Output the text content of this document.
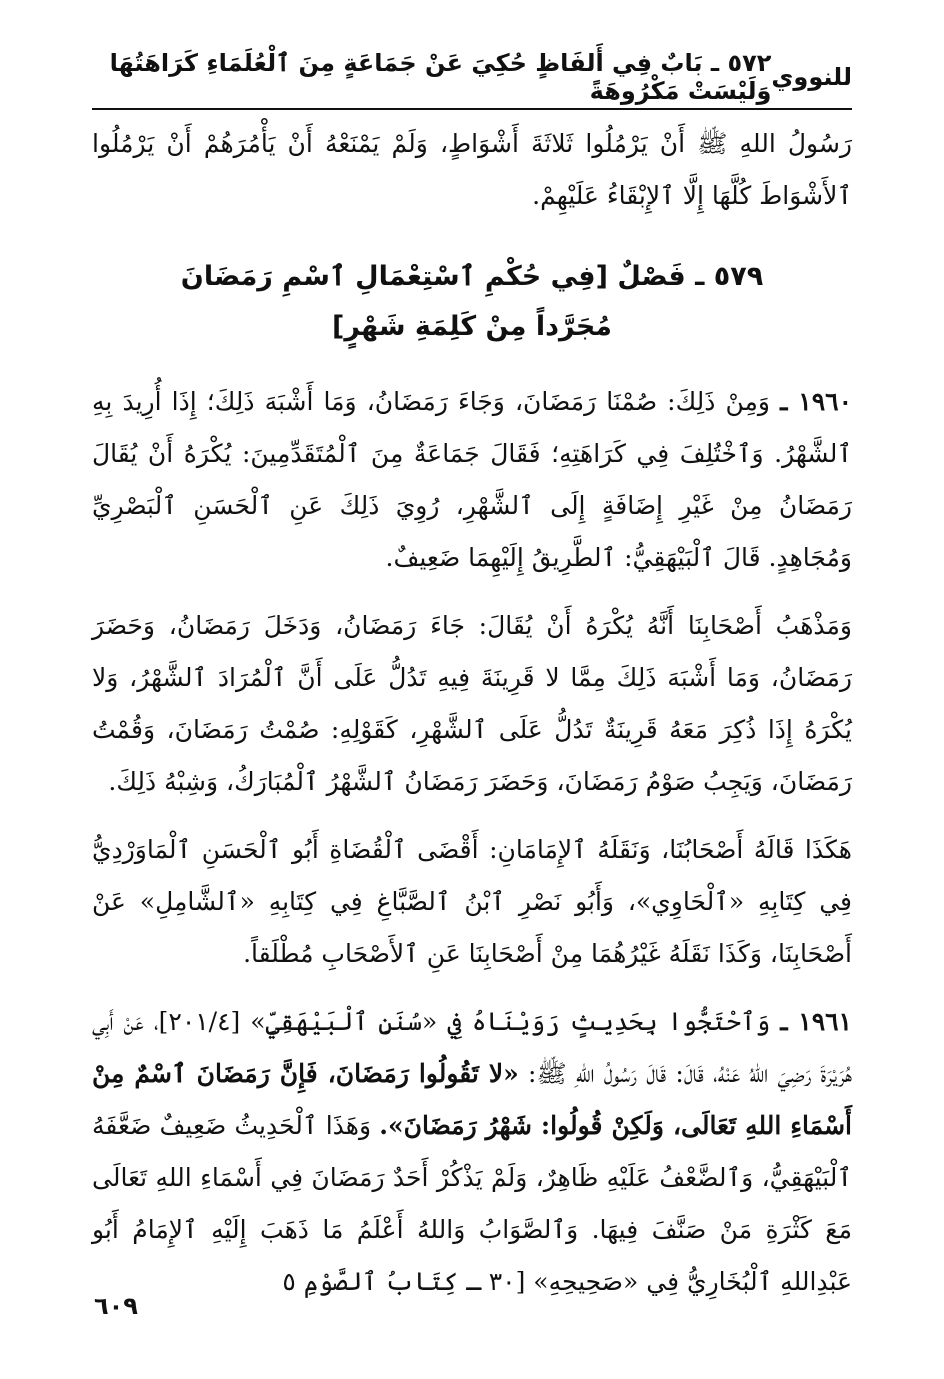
للنووي
٥٧٢ ـ بَابٌ فِي أَلفَاظٍ حُكِيَ عَنْ جَمَاعَةٍ مِنَ ٱلْعُلَمَاءِ كَرَاهَتُهَا وَلَيْسَتْ مَكْرُوهَةً

رَسُولُ اللهِ ﷺ أَنْ يَرْمُلُوا ثَلاثَةَ أَشْوَاطٍ، وَلَمْ يَمْنَعْهُ أَنْ يَأْمُرَهُمْ أَنْ يَرْمُلُوا ٱلأَشْوَاطَ كُلَّهَا إِلَّا ٱلإِبْقَاءُ عَلَيْهِمْ.

٥٧٩ ـ فَصْلٌ [فِي حُكْمِ ٱسْتِعْمَالِ ٱسْمِ رَمَضَانَ
مُجَرَّداً مِنْ كَلِمَةِ شَهْرٍ]

١٩٦٠ ـ وَمِنْ ذَلِكَ: صُمْنَا رَمَضَانَ، وَجَاءَ رَمَضَانُ، وَمَا أَشْبَهَ ذَلِكَ؛ إِذَا أُرِيدَ بِهِ ٱلشَّهْرُ. وَٱخْتُلِفَ فِي كَرَاهَتِهِ؛ فَقَالَ جَمَاعَةٌ مِنَ ٱلْمُتَقَدِّمِينَ: يُكْرَهُ أَنْ يُقَالَ رَمَضَانُ مِنْ غَيْرِ إِضَافَةٍ إِلَى ٱلشَّهْرِ، رُوِيَ ذَلِكَ عَنِ ٱلْحَسَنِ ٱلْبَصْرِيِّ وَمُجَاهِدٍ. قَالَ ٱلْبَيْهَقِيُّ: ٱلطَّرِيقُ إِلَيْهِمَا ضَعِيفٌ.

وَمَذْهَبُ أَصْحَابِنَا أَنَّهُ يُكْرَهُ أَنْ يُقَالَ: جَاءَ رَمَضَانُ، وَدَخَلَ رَمَضَانُ، وَحَضَرَ رَمَضَانُ، وَمَا أَشْبَهَ ذَلِكَ مِمَّا لا قَرِينَةَ فِيهِ تَدُلُّ عَلَى أَنَّ ٱلْمُرَادَ ٱلشَّهْرُ، وَلا يُكْرَهُ إِذَا ذُكِرَ مَعَهُ قَرِينَةٌ تَدُلُّ عَلَى ٱلشَّهْرِ، كَقَوْلِهِ: صُمْتُ رَمَضَانَ، وَقُمْتُ رَمَضَانَ، وَيَجِبُ صَوْمُ رَمَضَانَ، وَحَضَرَ رَمَضَانُ ٱلشَّهْرُ ٱلْمُبَارَكُ، وَشِبْهُ ذَلِكَ.

هَكَذَا قَالَهُ أَصْحَابُنَا، وَنَقَلَهُ ٱلإِمَامَانِ: أَقْضَى ٱلْقُضَاةِ أَبُو ٱلْحَسَنِ ٱلْمَاوَرْدِيُّ فِي كِتَابِهِ «ٱلْحَاوِي»، وَأَبُو نَصْرِ ٱبْنُ ٱلصَّبَّاغِ فِي كِتَابِهِ «ٱلشَّامِلِ» عَنْ أَصْحَابِنَا، وَكَذَا نَقَلَهُ غَيْرُهُمَا مِنْ أَصْحَابِنَا عَنِ ٱلأَصْحَابِ مُطْلَقاً.

١٩٦١ ـ وَٱحْتَجُّوا بِحَدِيثٍ رَوَيْنَاهُ فِي «سُنَنِ ٱلْبَيْهَقِيِّ» [٢٠١/٤]، عَنْ أَبِي هُرَيْرَةَ رَضِيَ اللهُ عَنْهُ، قَالَ: قَالَ رَسُولُ اللهِ ﷺ: «لا تَقُولُوا رَمَضَانَ، فَإِنَّ رَمَضَانَ ٱسْمٌ مِنْ أَسْمَاءِ اللهِ تَعَالَى، وَلَكِنْ قُولُوا: شَهْرُ رَمَضَانَ». وَهَذَا ٱلْحَدِيثُ ضَعِيفٌ ضَعَّفَهُ ٱلْبَيْهَقِيُّ، وَٱلضَّعْفُ عَلَيْهِ ظَاهِرٌ، وَلَمْ يَذْكُرْ أَحَدٌ رَمَضَانَ فِي أَسْمَاءِ اللهِ تَعَالَى مَعَ كَثْرَةِ مَنْ صَنَّفَ فِيهَا. وَٱلصَّوَابُ وَاللهُ أَعْلَمُ مَا ذَهَبَ إِلَيْهِ ٱلإِمَامُ أَبُو عَبْدِاللهِ ٱلْبُخَارِيُّ فِي «صَحِيحِهِ» [٣٠ ـ كِتَابُ ٱلصَّوْمِ ٥

٦٠٩
